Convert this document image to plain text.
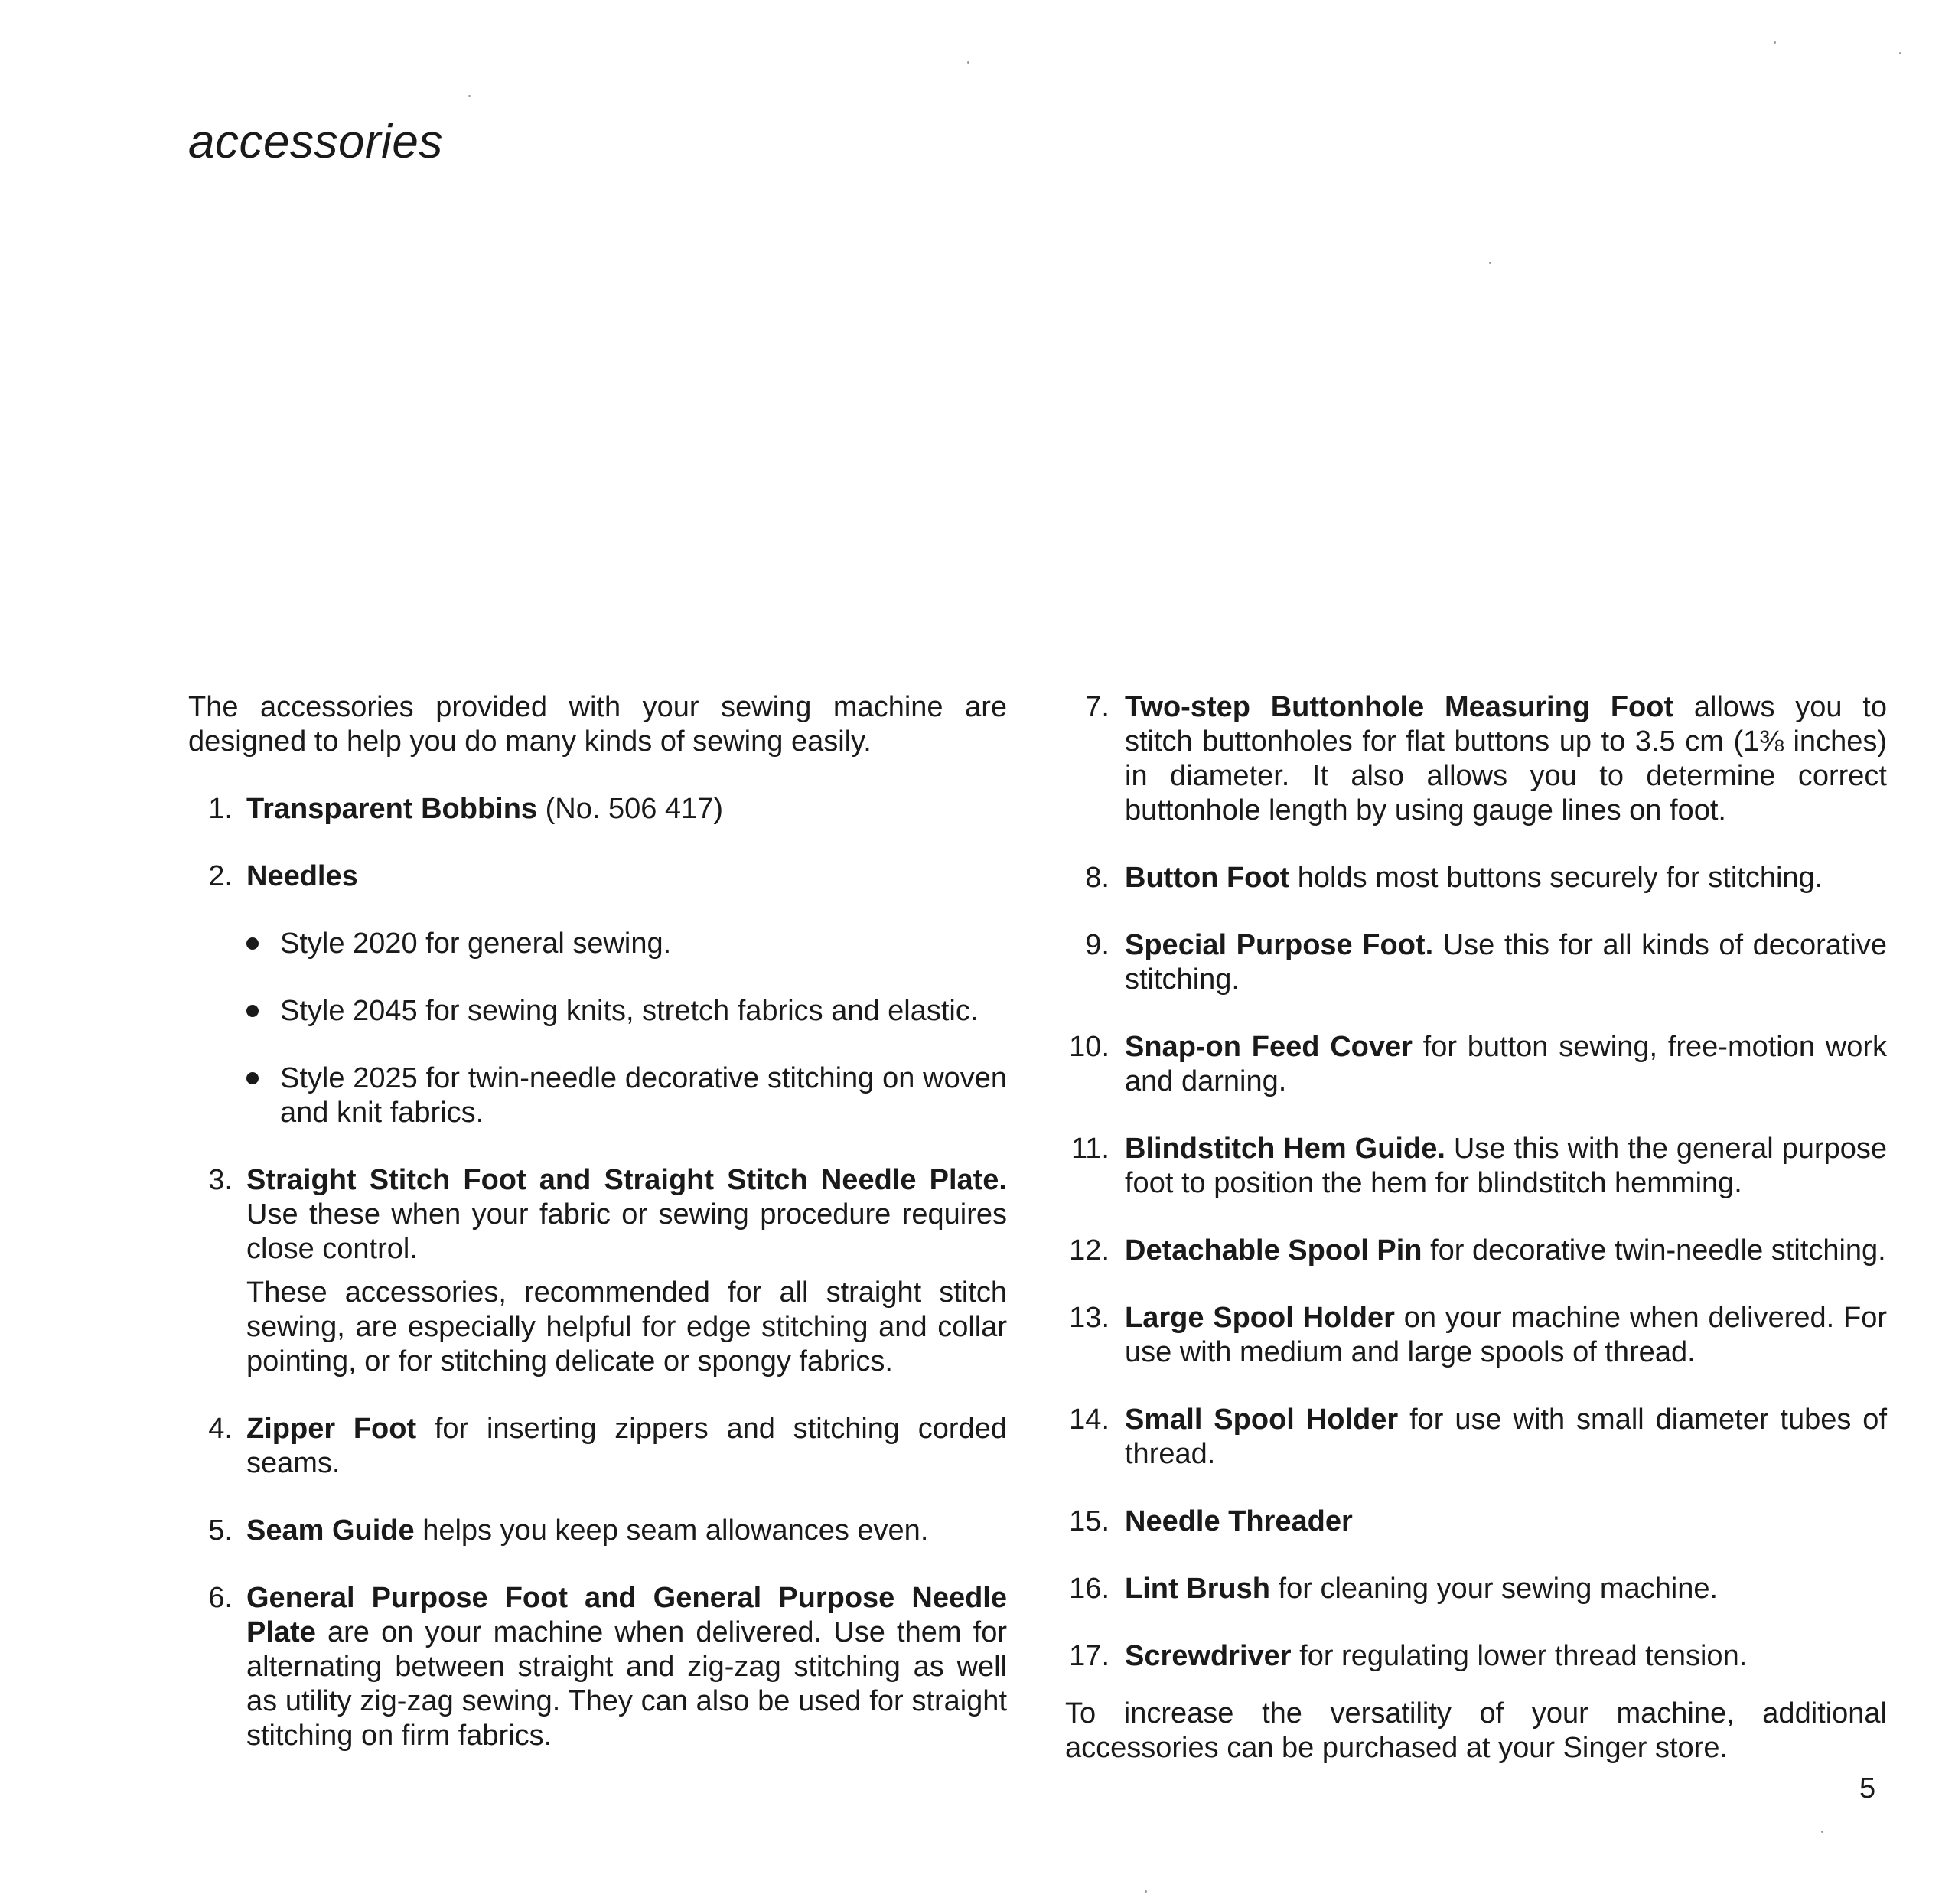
accessories

The accessories provided with your sewing machine are designed to help you do many kinds of sewing easily.

1. Transparent Bobbins (No. 506 417)

2. Needles

Style 2020 for general sewing.
Style 2045 for sewing knits, stretch fabrics and elastic.
Style 2025 for twin-needle decorative stitching on woven and knit fabrics.
3. Straight Stitch Foot and Straight Stitch Needle Plate. Use these when your fabric or sewing procedure requires close control.

These accessories, recommended for all straight stitch sewing, are especially helpful for edge stitching and collar pointing, or for stitching delicate or spongy fabrics.

4. Zipper Foot for inserting zippers and stitching corded seams.

5. Seam Guide helps you keep seam allowances even.

6. General Purpose Foot and General Purpose Needle Plate are on your machine when delivered. Use them for alternating between straight and zig-zag stitching as well as utility zig-zag sewing. They can also be used for straight stitching on firm fabrics.

7. Two-step Buttonhole Measuring Foot allows you to stitch buttonholes for flat buttons up to 3.5 cm (1⅜ inches) in diameter. It also allows you to determine correct buttonhole length by using gauge lines on foot.

8. Button Foot holds most buttons securely for stitching.

9. Special Purpose Foot. Use this for all kinds of decorative stitching.

10. Snap-on Feed Cover for button sewing, free-motion work and darning.

11. Blindstitch Hem Guide. Use this with the general purpose foot to position the hem for blindstitch hemming.

12. Detachable Spool Pin for decorative twin-needle stitching.

13. Large Spool Holder on your machine when delivered. For use with medium and large spools of thread.

14. Small Spool Holder for use with small diameter tubes of thread.

15. Needle Threader

16. Lint Brush for cleaning your sewing machine.

17. Screwdriver for regulating lower thread tension.

To increase the versatility of your machine, additional accessories can be purchased at your Singer store.

5
